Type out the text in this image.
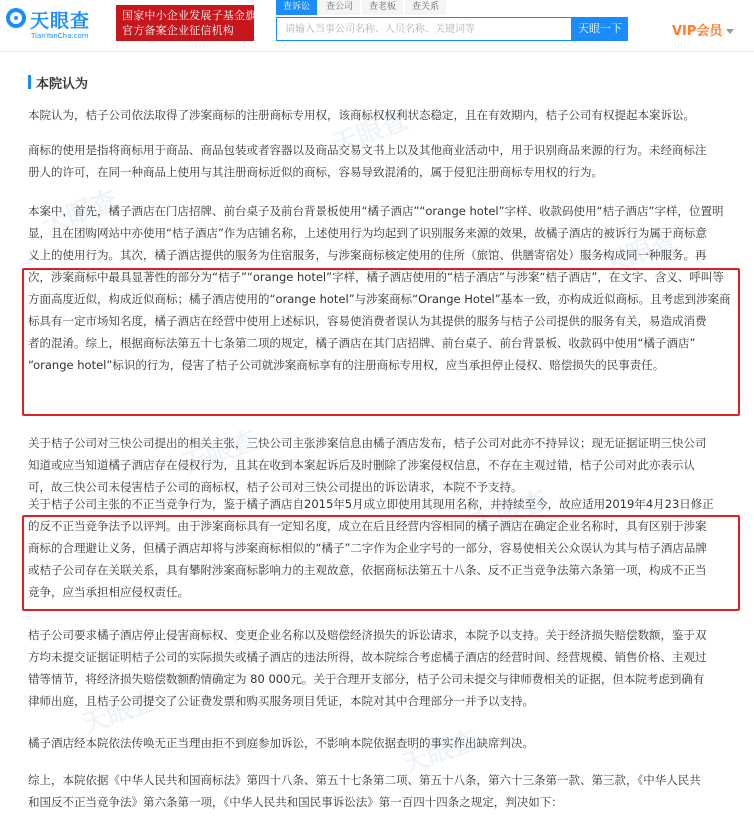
天眼查
TianYanCha.com
国家中小企业发展子基金旗下
官方备案企业征信机构
查诉讼	查公司	查老板	查关系
请输入当事公司名称、人员名称、关键词等
天眼一下	VIP会员
天眼查
天眼查
天眼查
天眼查
天眼查
天眼查
天眼查
本院认为
本院认为，桔子公司依法取得了涉案商标的注册商标专用权，该商标权权利状态稳定，且在有效期内，桔子公司有权提起本案诉讼。
商标的使用是指将商标用于商品、商品包装或者容器以及商品交易文书上以及其他商业活动中，用于识别商品来源的行为。未经商标注
册人的许可，在同一种商品上使用与其注册商标近似的商标，容易导致混淆的，属于侵犯注册商标专用权的行为。
本案中，首先，橘子酒店在门店招牌、前台桌子及前台背景板使用“橘子酒店”“orange hotel”字样、收款码使用“桔子酒店”字样，位置明
显，且在团购网站中亦使用“桔子酒店”作为店铺名称，上述使用行为均起到了识别服务来源的效果，故橘子酒店的被诉行为属于商标意
义上的使用行为。其次，橘子酒店提供的服务为住宿服务，与涉案商标核定使用的住所（旅馆、供膳寄宿处）服务构成同一种服务。再
次，涉案商标中最具显著性的部分为“桔子”“orange hotel”字样，橘子酒店使用的“桔子酒店”与涉案“桔子酒店”，在文字、含义、呼叫等
方面高度近似，构成近似商标；橘子酒店使用的“orange hotel”与涉案商标“Orange Hotel”基本一致，亦构成近似商标。且考虑到涉案商
标具有一定市场知名度，橘子酒店在经营中使用上述标识，容易使消费者误认为其提供的服务与桔子公司提供的服务有关，易造成消费
者的混淆。综上，根据商标法第五十七条第二项的规定，橘子酒店在其门店招牌、前台桌子、前台背景板、收款码中使用“橘子酒店”
“orange hotel”标识的行为，侵害了桔子公司就涉案商标享有的注册商标专用权，应当承担停止侵权、赔偿损失的民事责任。
关于桔子公司对三快公司提出的相关主张，三快公司主张涉案信息由橘子酒店发布，桔子公司对此亦不持异议；现无证据证明三快公司
知道或应当知道橘子酒店存在侵权行为，且其在收到本案起诉后及时删除了涉案侵权信息，不存在主观过错，桔子公司对此亦表示认
可，故三快公司未侵害桔子公司的商标权，桔子公司对三快公司提出的诉讼请求，本院不予支持。
关于桔子公司主张的不正当竞争行为，鉴于橘子酒店自2015年5月成立即使用其现用名称，并持续至今，故应适用2019年4月23日修正
的反不正当竞争法予以评判。由于涉案商标具有一定知名度，成立在后且经营内容相同的橘子酒店在确定企业名称时，具有区别于涉案
商标的合理避让义务，但橘子酒店却将与涉案商标相似的“橘子”二字作为企业字号的一部分，容易使相关公众误认为其与桔子酒店品牌
或桔子公司存在关联关系，具有攀附涉案商标影响力的主观故意，依据商标法第五十八条、反不正当竞争法第六条第一项，构成不正当
竞争，应当承担相应侵权责任。
桔子公司要求橘子酒店停止侵害商标权、变更企业名称以及赔偿经济损失的诉讼请求，本院予以支持。关于经济损失赔偿数额，鉴于双
方均未提交证据证明桔子公司的实际损失或橘子酒店的违法所得，故本院综合考虑橘子酒店的经营时间、经营规模、销售价格、主观过
错等情节，将经济损失赔偿数额酌情确定为 80 000元。关于合理开支部分，桔子公司未提交与律师费相关的证据，但本院考虑到确有
律师出庭，且桔子公司提交了公证费发票和购买服务项目凭证，本院对其中合理部分一并予以支持。
橘子酒店经本院依法传唤无正当理由拒不到庭参加诉讼，不影响本院依据查明的事实作出缺席判决。
综上，本院依据《中华人民共和国商标法》第四十八条、第五十七条第二项、第五十八条，第六十三条第一款、第三款，《中华人民共
和国反不正当竞争法》第六条第一项，《中华人民共和国民事诉讼法》第一百四十四条之规定，判决如下：
